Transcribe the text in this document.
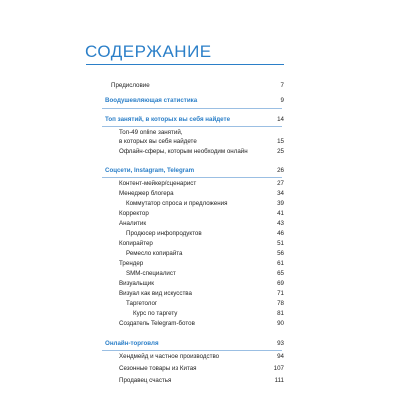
СОДЕРЖАНИЕ
Предисловие	7
Воодушевляющая статистика	9
Топ занятий, в которых вы себя найдете	14
Топ-49 online занятий,
в которых вы себя найдете	15
Офлайн-сферы, которым необходим онлайн	25
Соцсети, Instagram, Telegram	26
Контент-мейкер/сценарист	27
Менеджер блогера	34
Коммутатор спроса и предложения	39
Корректор	41
Аналитик	43
Продюсер инфопродуктов	46
Копирайтер	51
Ремесло копирайта	56
Трендер	61
SMM-специалист	65
Визуальщик	69
Визуал как вид искусства	71
Таргетолог	78
Курс по таргету	81
Создатель Telegram-ботов	90
Онлайн-торговля	93
Хендмейд и частное производство	94
Сезонные товары из Китая	107
Продавец счастья	111
